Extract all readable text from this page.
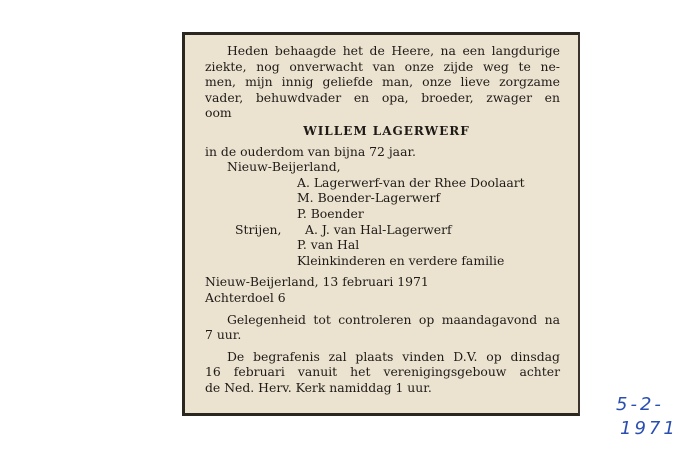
Heden behaagde het de Heere, na een langdurige
ziekte, nog onverwacht van onze zijde weg te ne-
men, mijn innig geliefde man, onze lieve zorgzame
vader, behuwdvader en opa, broeder, zwager en
oom
WILLEM LAGERWERF
in de ouderdom van bijna 72 jaar.
Nieuw-Beijerland,
A. Lagerwerf-van der Rhee Doolaart
M. Boender-Lagerwerf
P. Boender
Strijen, A. J. van Hal-Lagerwerf
P. van Hal
Kleinkinderen en verdere familie
Nieuw-Beijerland, 13 februari 1971
Achterdoel 6
Gelegenheid tot controleren op maandagavond na
7 uur.
De begrafenis zal plaats vinden D.V. op dinsdag
16 februari vanuit het verenigingsgebouw achter
de Ned. Herv. Kerk namiddag 1 uur.
5-2-
1971
